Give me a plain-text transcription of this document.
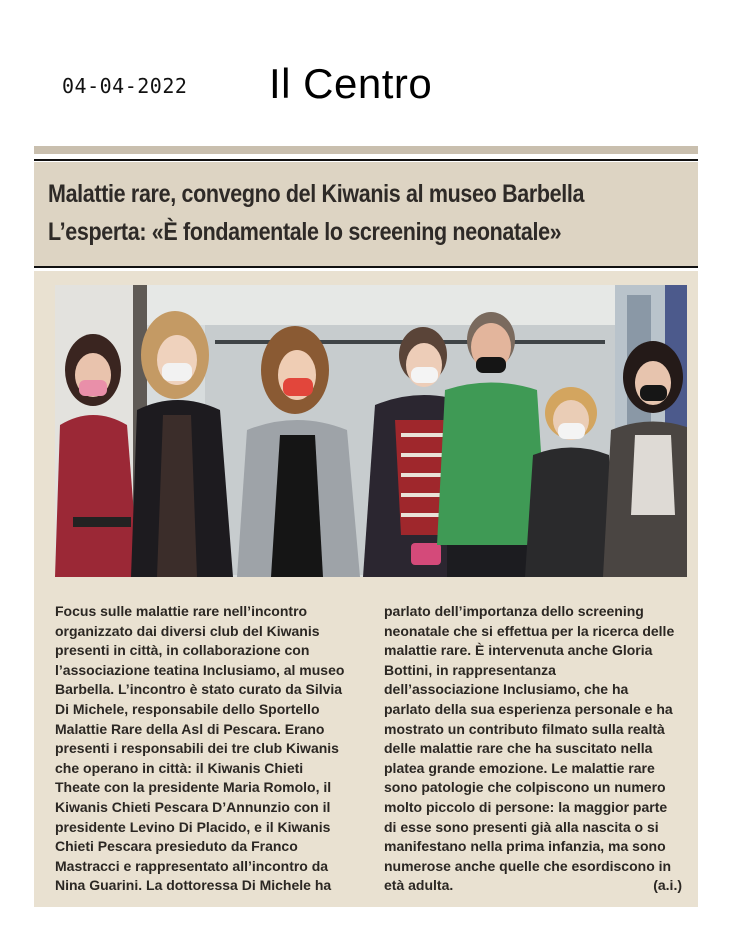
04-04-2022 Il Centro
Malattie rare, convegno del Kiwanis al museo Barbella
L’esperta: «È fondamentale lo screening neonatale»
Focus sulle malattie rare nell’incontro
organizzato dai diversi club del Kiwanis
presenti in città, in collaborazione con
l’associazione teatina Inclusiamo, al museo
Barbella. L’incontro è stato curato da Silvia
Di Michele, responsabile dello Sportello
Malattie Rare della Asl di Pescara. Erano
presenti i responsabili dei tre club Kiwanis
che operano in città: il Kiwanis Chieti
Theate con la presidente Maria Romolo, il
Kiwanis Chieti Pescara D’Annunzio con il
presidente Levino Di Placido, e il Kiwanis
Chieti Pescara presieduto da Franco
Mastracci e rappresentato all’incontro da
Nina Guarini. La dottoressa Di Michele ha
parlato dell’importanza dello screening
neonatale che si effettua per la ricerca delle
malattie rare. È intervenuta anche Gloria
Bottini, in rappresentanza
dell’associazione Inclusiamo, che ha
parlato della sua esperienza personale e ha
mostrato un contributo filmato sulla realtà
delle malattie rare che ha suscitato nella
platea grande emozione. Le malattie rare
sono patologie che colpiscono un numero
molto piccolo di persone: la maggior parte
di esse sono presenti già alla nascita o si
manifestano nella prima infanzia, ma sono
numerose anche quelle che esordiscono in
età adulta.	(a.i.)
